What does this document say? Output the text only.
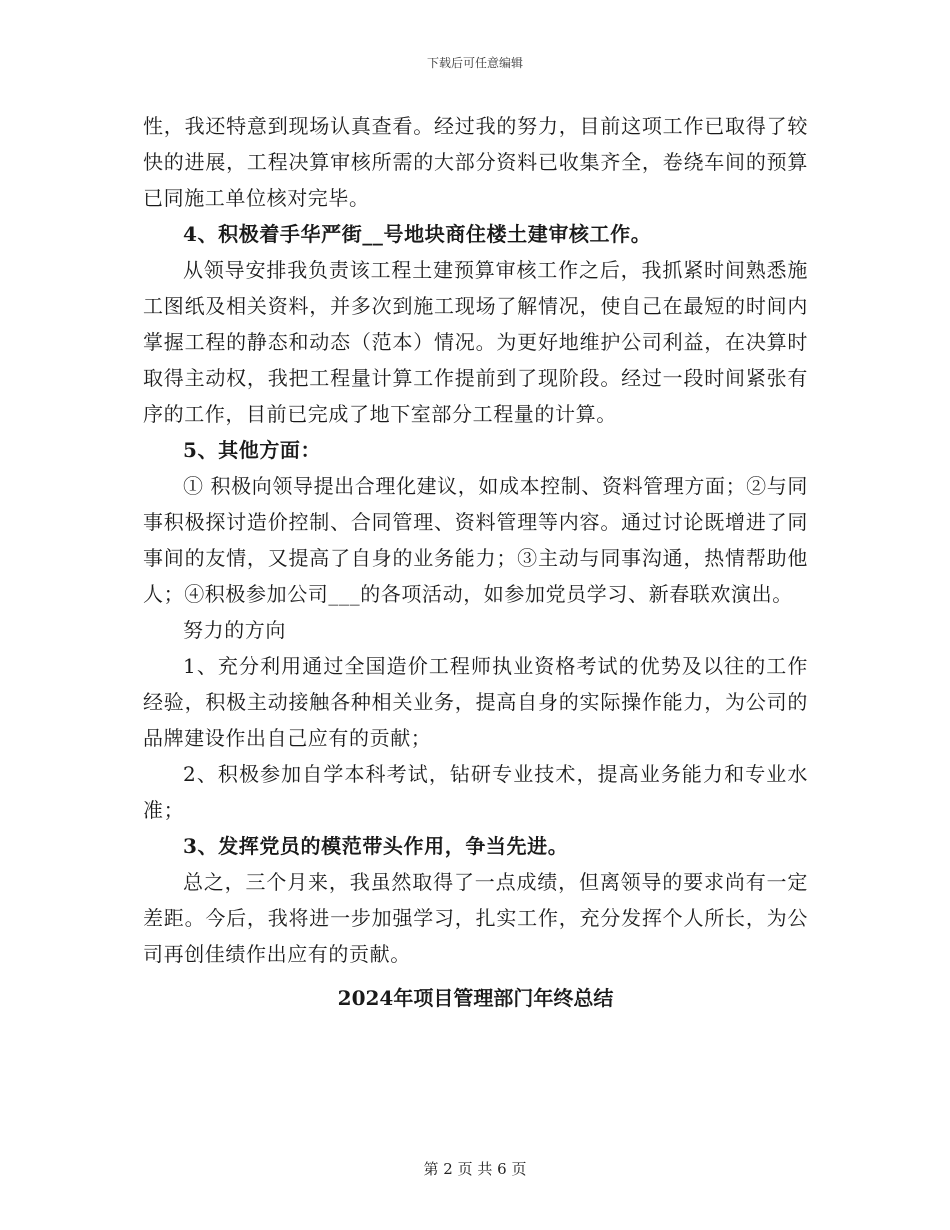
下载后可任意编辑

性，我还特意到现场认真查看。经过我的努力，目前这项工作已取得了较快的进展，工程决算审核所需的大部分资料已收集齐全，卷绕车间的预算已同施工单位核对完毕。

4、积极着手华严街__号地块商住楼土建审核工作。

从领导安排我负责该工程土建预算审核工作之后，我抓紧时间熟悉施工图纸及相关资料，并多次到施工现场了解情况，使自己在最短的时间内掌握工程的静态和动态（范本）情况。为更好地维护公司利益，在决算时取得主动权，我把工程量计算工作提前到了现阶段。经过一段时间紧张有序的工作，目前已完成了地下室部分工程量的计算。

5、其他方面：

① 积极向领导提出合理化建议，如成本控制、资料管理方面；②与同事积极探讨造价控制、合同管理、资料管理等内容。通过讨论既增进了同事间的友情，又提高了自身的业务能力；③主动与同事沟通，热情帮助他人；④积极参加公司___的各项活动，如参加党员学习、新春联欢演出。

努力的方向

1、充分利用通过全国造价工程师执业资格考试的优势及以往的工作经验，积极主动接触各种相关业务，提高自身的实际操作能力，为公司的品牌建设作出自己应有的贡献；

2、积极参加自学本科考试，钻研专业技术，提高业务能力和专业水准；

3、发挥党员的模范带头作用，争当先进。

总之，三个月来，我虽然取得了一点成绩，但离领导的要求尚有一定差距。今后，我将进一步加强学习，扎实工作，充分发挥个人所长，为公司再创佳绩作出应有的贡献。

2024年项目管理部门年终总结
第 2 页 共 6 页
